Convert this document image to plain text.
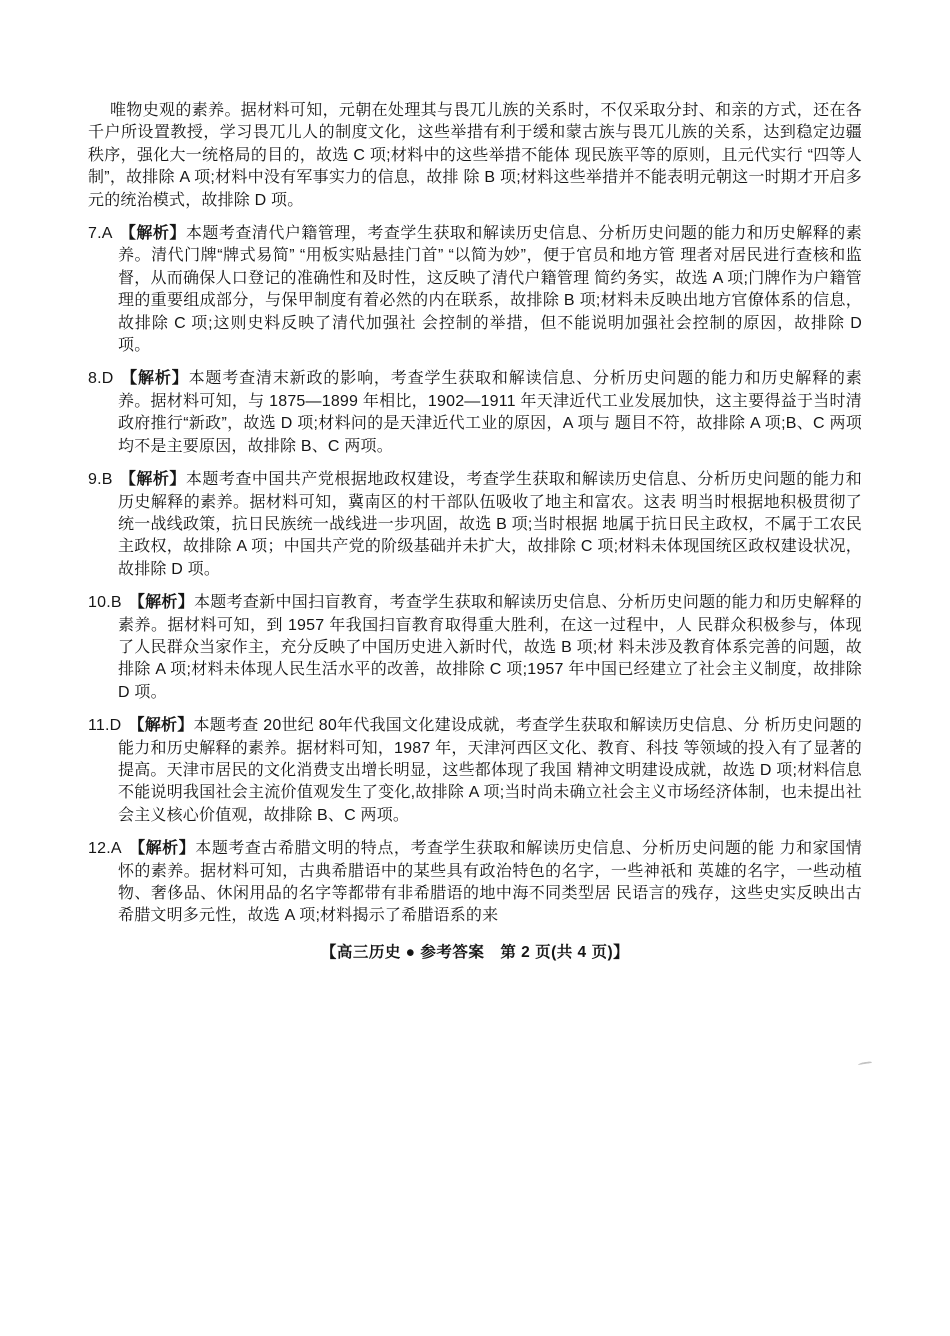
唯物史观的素养。据材料可知，元朝在处理其与畏兀儿族的关系时，不仅采取分封、和亲的方式，还在各千户所设置教授，学习畏兀儿人的制度文化，这些举措有利于缓和蒙古族与畏兀儿族的关系，达到稳定边疆秩序，强化大一统格局的目的，故选 C 项;材料中的这些举措不能体 现民族平等的原则，且元代实行 “四等人制”，故排除 A 项;材料中没有军事实力的信息，故排 除 B 项;材料这些举措并不能表明元朝这一时期才开启多元的统治模式，故排除 D 项。

7.A 【解析】本题考查清代户籍管理，考查学生获取和解读历史信息、分析历史问题的能力和历史解释的素养。清代门牌“牌式易简” “用板实贴悬挂门首” “以简为妙”，便于官员和地方管 理者对居民进行查核和监督，从而确保人口登记的准确性和及时性，这反映了清代户籍管理 简约务实，故选 A 项;门牌作为户籍管理的重要组成部分，与保甲制度有着必然的内在联系，故排除 B 项;材料未反映出地方官僚体系的信息，故排除 C 项;这则史料反映了清代加强社 会控制的举措，但不能说明加强社会控制的原因，故排除 D 项。

8.D 【解析】本题考查清末新政的影响，考查学生获取和解读信息、分析历史问题的能力和历史解释的素养。据材料可知，与 1875—1899 年相比，1902—1911 年天津近代工业发展加快，这主要得益于当时清政府推行“新政”，故选 D 项;材料问的是天津近代工业的原因，A 项与 题目不符，故排除 A 项;B、C 两项均不是主要原因，故排除 B、C 两项。

9.B 【解析】本题考查中国共产党根据地政权建设，考查学生获取和解读历史信息、分析历史问题的能力和历史解释的素养。据材料可知，冀南区的村干部队伍吸收了地主和富农。这表 明当时根据地积极贯彻了统一战线政策，抗日民族统一战线进一步巩固，故选 B 项;当时根据 地属于抗日民主政权，不属于工农民主政权，故排除 A 项；中国共产党的阶级基础并未扩大，故排除 C 项;材料未体现国统区政权建设状况，故排除 D 项。

10.B 【解析】本题考查新中国扫盲教育，考查学生获取和解读历史信息、分析历史问题的能力和历史解释的素养。据材料可知，到 1957 年我国扫盲教育取得重大胜利，在这一过程中，人 民群众积极参与，体现了人民群众当家作主，充分反映了中国历史进入新时代，故选 B 项;材 料未涉及教育体系完善的问题，故排除 A 项;材料未体现人民生活水平的改善，故排除 C 项;1957 年中国已经建立了社会主义制度，故排除 D 项。

11.D 【解析】本题考查 20世纪 80年代我国文化建设成就，考查学生获取和解读历史信息、分 析历史问题的能力和历史解释的素养。据材料可知，1987 年，天津河西区文化、教育、科技 等领域的投入有了显著的提高。天津市居民的文化消费支出增长明显，这些都体现了我国 精神文明建设成就，故选 D 项;材料信息不能说明我国社会主流价值观发生了变化,故排除 A 项;当时尚未确立社会主义市场经济体制，也未提出社会主义核心价值观，故排除 B、C 两项。

12.A 【解析】本题考查古希腊文明的特点，考查学生获取和解读历史信息、分析历史问题的能 力和家国情怀的素养。据材料可知，古典希腊语中的某些具有政治特色的名字，一些神祇和 英雄的名字，一些动植物、奢侈品、休闲用品的名字等都带有非希腊语的地中海不同类型居 民语言的残存，这些史实反映出古希腊文明多元性，故选 A 项;材料揭示了希腊语系的来

【高三历史 ● 参考答案　第 2 页(共 4 页)】
